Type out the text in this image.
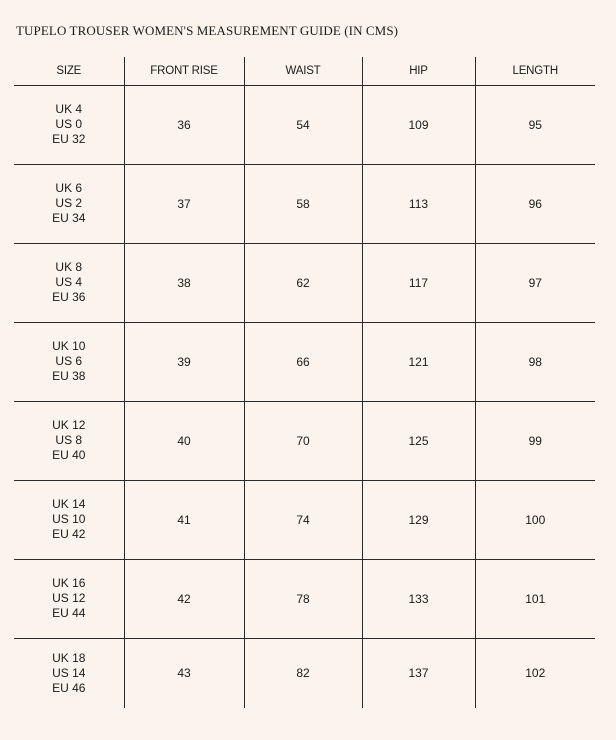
TUPELO TROUSER WOMEN'S MEASUREMENT GUIDE (IN CMS)
SIZE	FRONT RISE	WAIST	HIP	LENGTH

UK 4
US 0
EU 32	36	54	109	95

UK 6
US 2
EU 34	37	58	113	96

UK 8
US 4
EU 36	38	62	117	97

UK 10
US 6
EU 38	39	66	121	98

UK 12
US 8
EU 40	40	70	125	99

UK 14
US 10
EU 42	41	74	129	100

UK 16
US 12
EU 44	42	78	133	101

UK 18
US 14
EU 46	43	82	137	102
